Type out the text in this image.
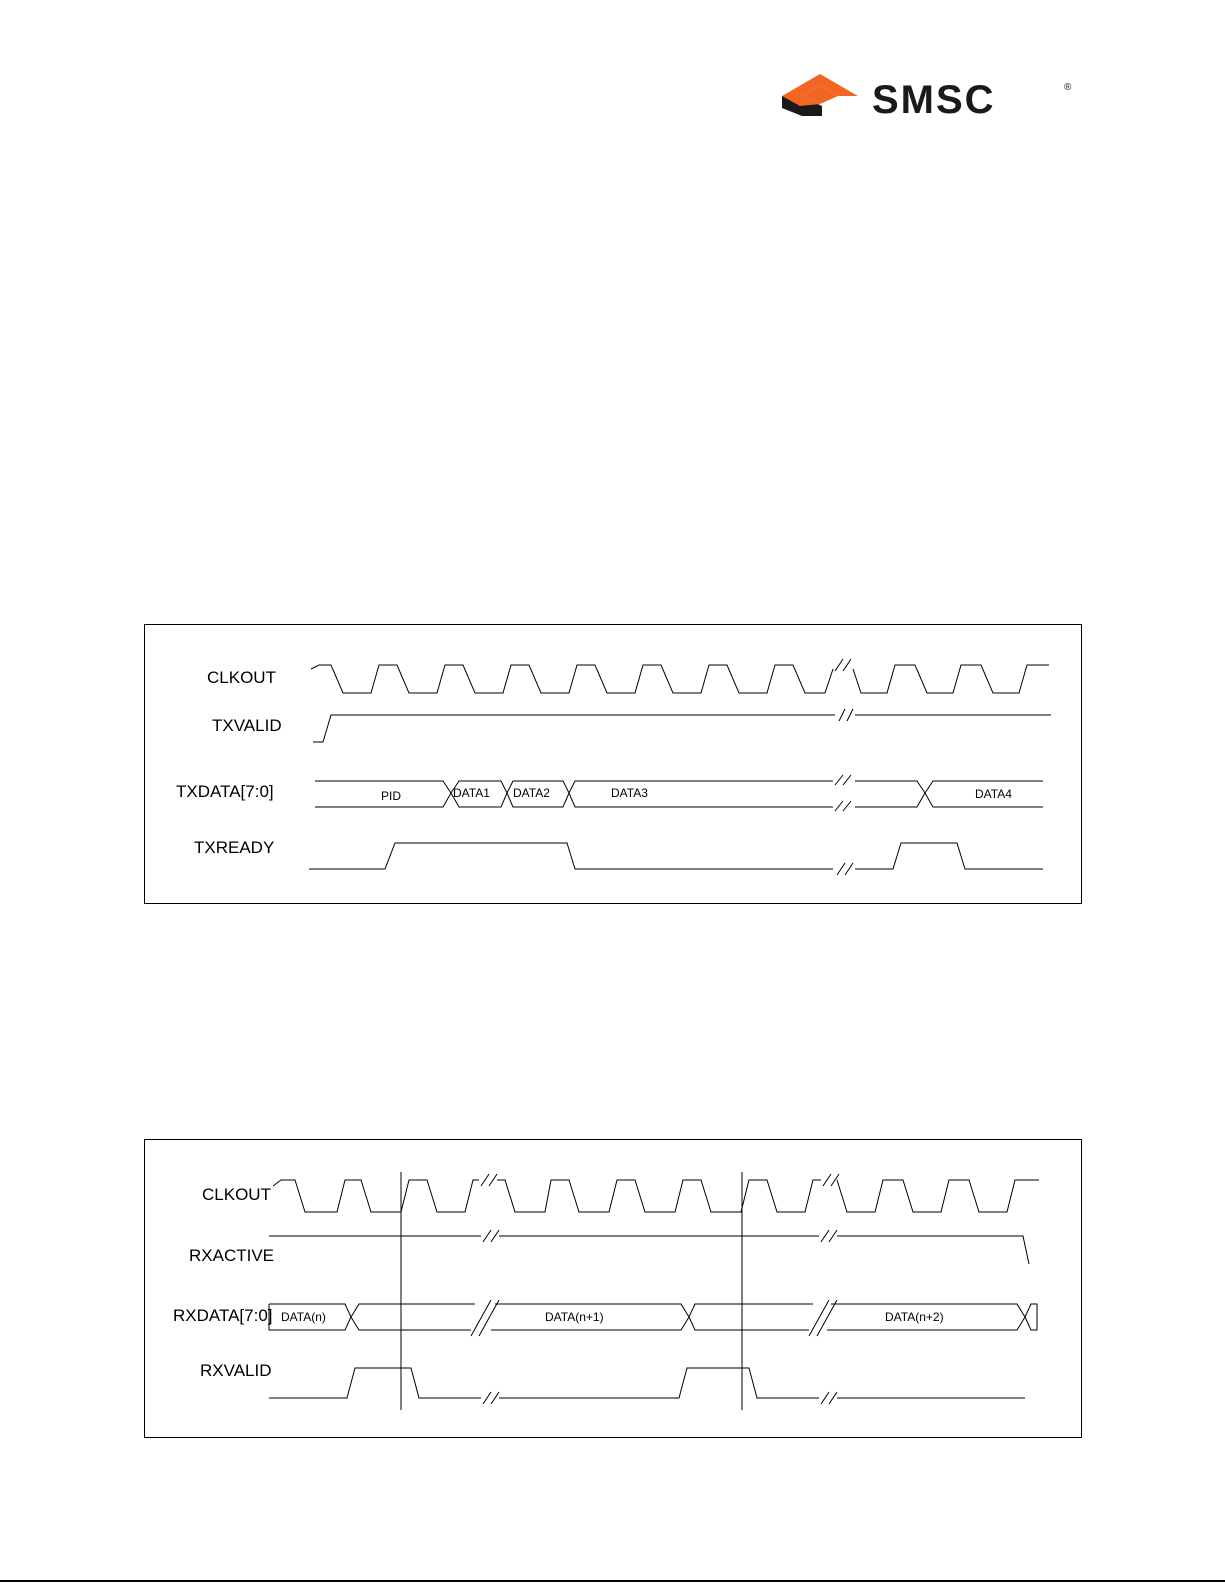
SMSC	®
CLKOUT
TXVALID
TXDATA[7:0]
TXREADY
PID	DATA1 DATA2	DATA3	DATA4
CLKOUT
RXACTIVE
RXDATA[7:0]
RXVALID
DATA(n)	DATA(n+1)	DATA(n+2)
